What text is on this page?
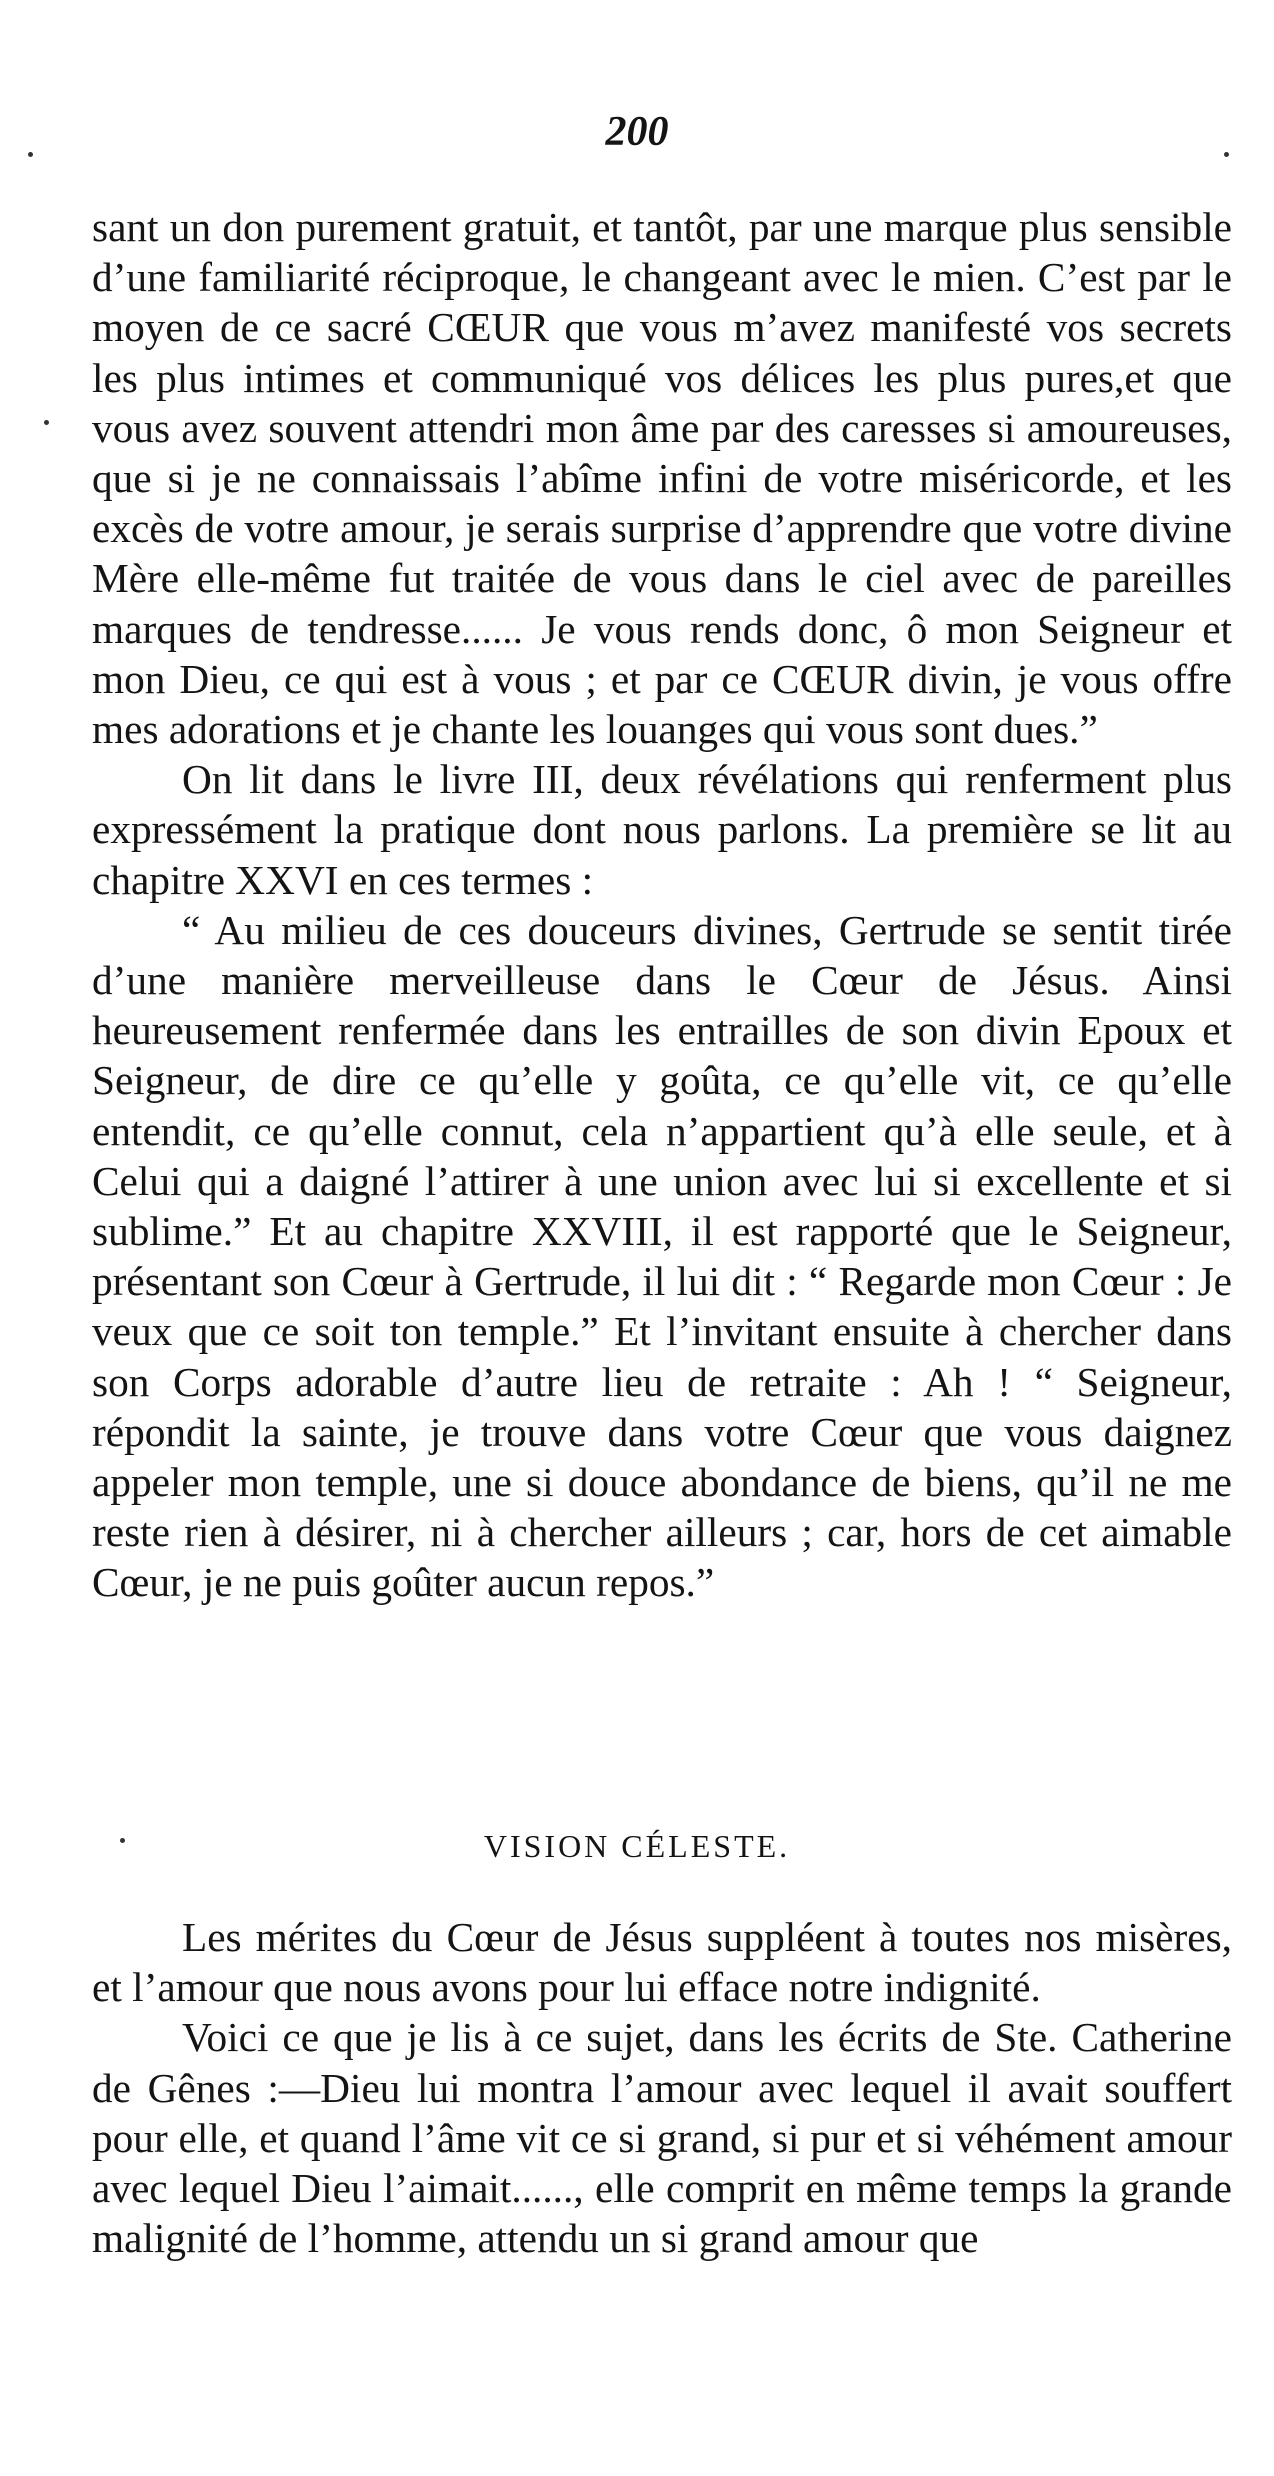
200

sant un don purement gratuit, et tantôt, par une marque plus sensible d’une familiarité réciproque, le changeant avec le mien. C’est par le moyen de ce sacré CŒUR que vous m’avez manifesté vos secrets les plus intimes et communiqué vos délices les plus pures,et que vous avez souvent attendri mon âme par des caresses si amoureuses, que si je ne connaissais l’abîme infini de votre miséricorde, et les excès de votre amour, je serais surprise d’apprendre que votre divine Mère elle-même fut traitée de vous dans le ciel avec de pareilles marques de tendresse...... Je vous rends donc, ô mon Seigneur et mon Dieu, ce qui est à vous ; et par ce CŒUR divin, je vous offre mes adorations et je chante les louanges qui vous sont dues.”

On lit dans le livre III, deux révélations qui renferment plus expressément la pratique dont nous parlons. La première se lit au chapitre XXVI en ces termes :

“ Au milieu de ces douceurs divines, Gertrude se sentit tirée d’une manière merveilleuse dans le Cœur de Jésus. Ainsi heureusement renfermée dans les entrailles de son divin Epoux et Seigneur, de dire ce qu’elle y goûta, ce qu’elle vit, ce qu’elle entendit, ce qu’elle connut, cela n’appartient qu’à elle seule, et à Celui qui a daigné l’attirer à une union avec lui si excellente et si sublime.” Et au chapitre XXVIII, il est rapporté que le Seigneur, présentant son Cœur à Gertrude, il lui dit : “ Regarde mon Cœur : Je veux que ce soit ton temple.” Et l’invitant ensuite à chercher dans son Corps adorable d’autre lieu de retraite : Ah ! “ Seigneur, répondit la sainte, je trouve dans votre Cœur que vous daignez appeler mon temple, une si douce abondance de biens, qu’il ne me reste rien à désirer, ni à chercher ailleurs ; car, hors de cet aimable Cœur, je ne puis goûter aucun repos.”

VISION CÉLESTE.

Les mérites du Cœur de Jésus suppléent à toutes nos misères, et l’amour que nous avons pour lui efface notre indignité.

Voici ce que je lis à ce sujet, dans les écrits de Ste. Catherine de Gênes :—Dieu lui montra l’amour avec lequel il avait souffert pour elle, et quand l’âme vit ce si grand, si pur et si véhément amour avec lequel Dieu l’aimait......, elle comprit en même temps la grande malignité de l’homme, attendu un si grand amour que
